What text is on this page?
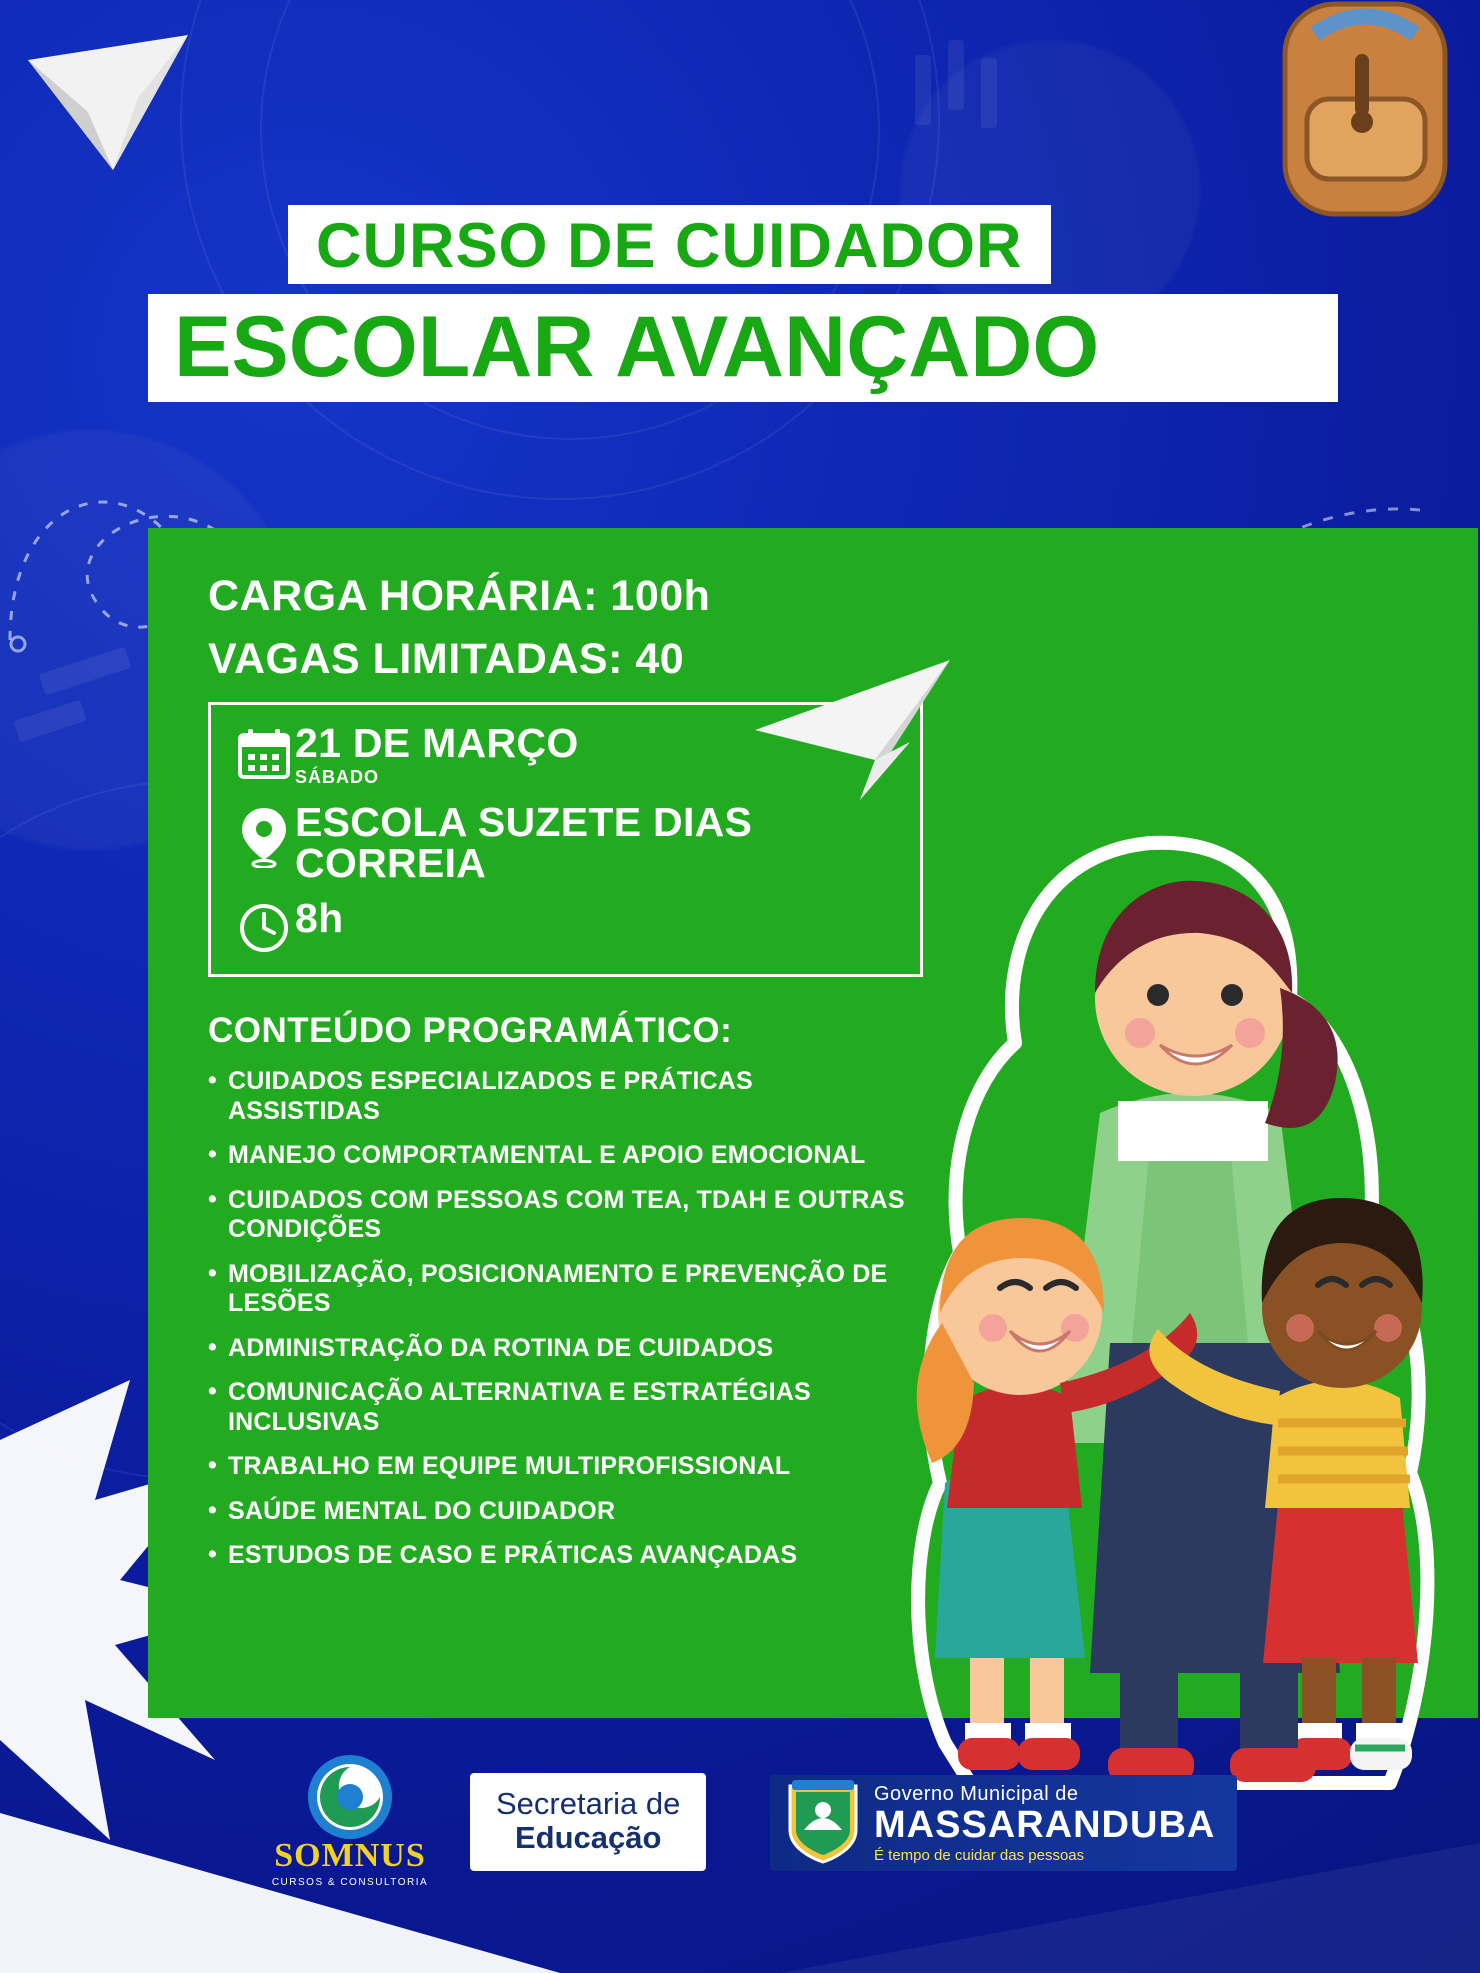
CURSO DE CUIDADOR
ESCOLAR AVANÇADO
CARGA HORÁRIA: 100h
VAGAS LIMITADAS: 40
21 DE MARÇO
SÁBADO
ESCOLA SUZETE DIAS CORREIA
8h
CONTEÚDO PROGRAMÁTICO:
• CUIDADOS ESPECIALIZADOS E PRÁTICAS ASSISTIDAS
• MANEJO COMPORTAMENTAL E APOIO EMOCIONAL
• CUIDADOS COM PESSOAS COM TEA, TDAH E OUTRAS CONDIÇÕES
• MOBILIZAÇÃO, POSICIONAMENTO E PREVENÇÃO DE LESÕES
• ADMINISTRAÇÃO DA ROTINA DE CUIDADOS
• COMUNICAÇÃO ALTERNATIVA E ESTRATÉGIAS INCLUSIVAS
• TRABALHO EM EQUIPE MULTIPROFISSIONAL
• SAÚDE MENTAL DO CUIDADOR
• ESTUDOS DE CASO E PRÁTICAS AVANÇADAS
SOMNUS
CURSOS & CONSULTORIA
Secretaria de
Educação
Governo Municipal de
MASSARANDUBA
É tempo de cuidar das pessoas
